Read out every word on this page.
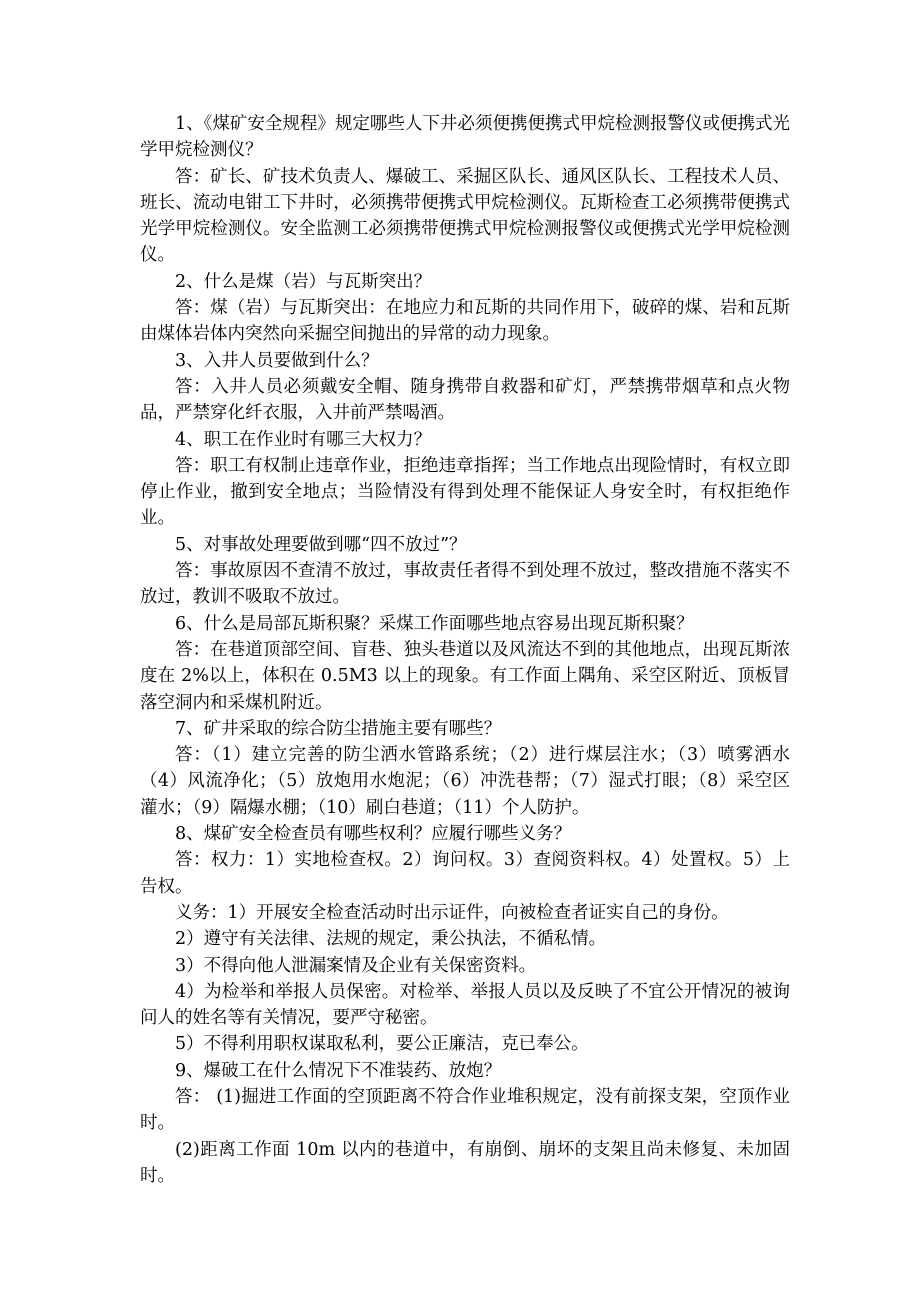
1、《煤矿安全规程》规定哪些人下井必须便携便携式甲烷检测报警仪或便携式光学甲烷检测仪？

答：矿长、矿技术负责人、爆破工、采掘区队长、通风区队长、工程技术人员、班长、流动电钳工下井时，必须携带便携式甲烷检测仪。瓦斯检查工必须携带便携式光学甲烷检测仪。安全监测工必须携带便携式甲烷检测报警仪或便携式光学甲烷检测仪。

2、什么是煤（岩）与瓦斯突出？

答：煤（岩）与瓦斯突出：在地应力和瓦斯的共同作用下，破碎的煤、岩和瓦斯由煤体岩体内突然向采掘空间抛出的异常的动力现象。

3、入井人员要做到什么？

答：入井人员必须戴安全帽、随身携带自救器和矿灯，严禁携带烟草和点火物品，严禁穿化纤衣服，入井前严禁喝酒。

4、职工在作业时有哪三大权力？

答：职工有权制止违章作业，拒绝违章指挥；当工作地点出现险情时，有权立即停止作业，撤到安全地点；当险情没有得到处理不能保证人身安全时，有权拒绝作业。

5、对事故处理要做到哪“四不放过”？

答：事故原因不查清不放过，事故责任者得不到处理不放过，整改措施不落实不放过，教训不吸取不放过。

6、什么是局部瓦斯积聚？采煤工作面哪些地点容易出现瓦斯积聚？

答：在巷道顶部空间、盲巷、独头巷道以及风流达不到的其他地点，出现瓦斯浓度在 2%以上，体积在 0.5M3 以上的现象。有工作面上隅角、采空区附近、顶板冒落空洞内和采煤机附近。

7、矿井采取的综合防尘措施主要有哪些？

答：（1）建立完善的防尘洒水管路系统；（2）进行煤层注水；（3）喷雾洒水（4）风流净化；（5）放炮用水炮泥；（6）冲洗巷帮；（7）湿式打眼；（8）采空区灌水；（9）隔爆水棚；（10）刷白巷道；（11）个人防护。

8、煤矿安全检查员有哪些权利？应履行哪些义务？

答：权力：1）实地检查权。2）询问权。3）查阅资料权。4）处置权。5）上告权。

义务：1）开展安全检查活动时出示证件，向被检查者证实自己的身份。

2）遵守有关法律、法规的规定，秉公执法，不循私情。

3）不得向他人泄漏案情及企业有关保密资料。

4）为检举和举报人员保密。对检举、举报人员以及反映了不宜公开情况的被询问人的姓名等有关情况，要严守秘密。

5）不得利用职权谋取私利，要公正廉洁，克已奉公。

9、爆破工在什么情况下不准装药、放炮？

答： (1)掘进工作面的空顶距离不符合作业堆积规定，没有前探支架，空顶作业时。

(2)距离工作面 10m 以内的巷道中，有崩倒、崩坏的支架且尚未修复、未加固时。
